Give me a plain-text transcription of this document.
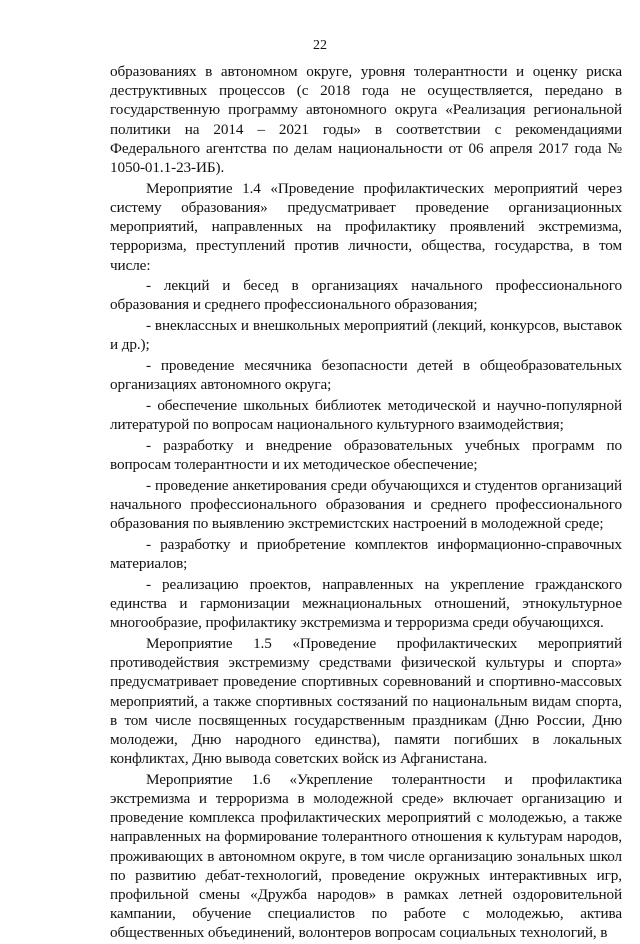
22

образованиях в автономном округе, уровня толерантности и оценку риска деструктивных процессов (с 2018 года не осуществляется, передано в государственную программу автономного округа «Реализация региональной политики на 2014 – 2021 годы» в соответствии с рекомендациями Федерального агентства по делам национальности от 06 апреля 2017 года № 1050-01.1-23-ИБ).

Мероприятие 1.4 «Проведение профилактических мероприятий через систему образования» предусматривает проведение организационных мероприятий, направленных на профилактику проявлений экстремизма, терроризма, преступлений против личности, общества, государства, в том числе:

- лекций и бесед в организациях начального профессионального образования и среднего профессионального образования;

- внеклассных и внешкольных мероприятий (лекций, конкурсов, выставок и др.);

- проведение месячника безопасности детей в общеобразовательных организациях автономного округа;

- обеспечение школьных библиотек методической и научно-популярной литературой по вопросам национального культурного взаимодействия;

- разработку и внедрение образовательных учебных программ по вопросам толерантности и их методическое обеспечение;

- проведение анкетирования среди обучающихся и студентов организаций начального профессионального образования и среднего профессионального образования по выявлению экстремистских настроений в молодежной среде;

- разработку и приобретение комплектов информационно-справочных материалов;

- реализацию проектов, направленных на укрепление гражданского единства и гармонизации межнациональных отношений, этнокультурное многообразие, профилактику экстремизма и терроризма среди обучающихся.

Мероприятие 1.5 «Проведение профилактических мероприятий противодействия экстремизму средствами физической культуры и спорта» предусматривает проведение спортивных соревнований и спортивно-массовых мероприятий, а также спортивных состязаний по национальным видам спорта, в том числе посвященных государственным праздникам (Дню России, Дню молодежи, Дню народного единства), памяти погибших в локальных конфликтах, Дню вывода советских войск из Афганистана.

Мероприятие 1.6 «Укрепление толерантности и профилактика экстремизма и терроризма в молодежной среде» включает организацию и проведение комплекса профилактических мероприятий с молодежью, а также направленных на формирование толерантного отношения к культурам народов, проживающих в автономном округе, в том числе организацию зональных школ по развитию дебат-технологий, проведение окружных интерактивных игр, профильной смены «Дружба народов» в рамках летней оздоровительной кампании, обучение специалистов по работе с молодежью, актива общественных объединений, волонтеров вопросам социальных технологий, в
